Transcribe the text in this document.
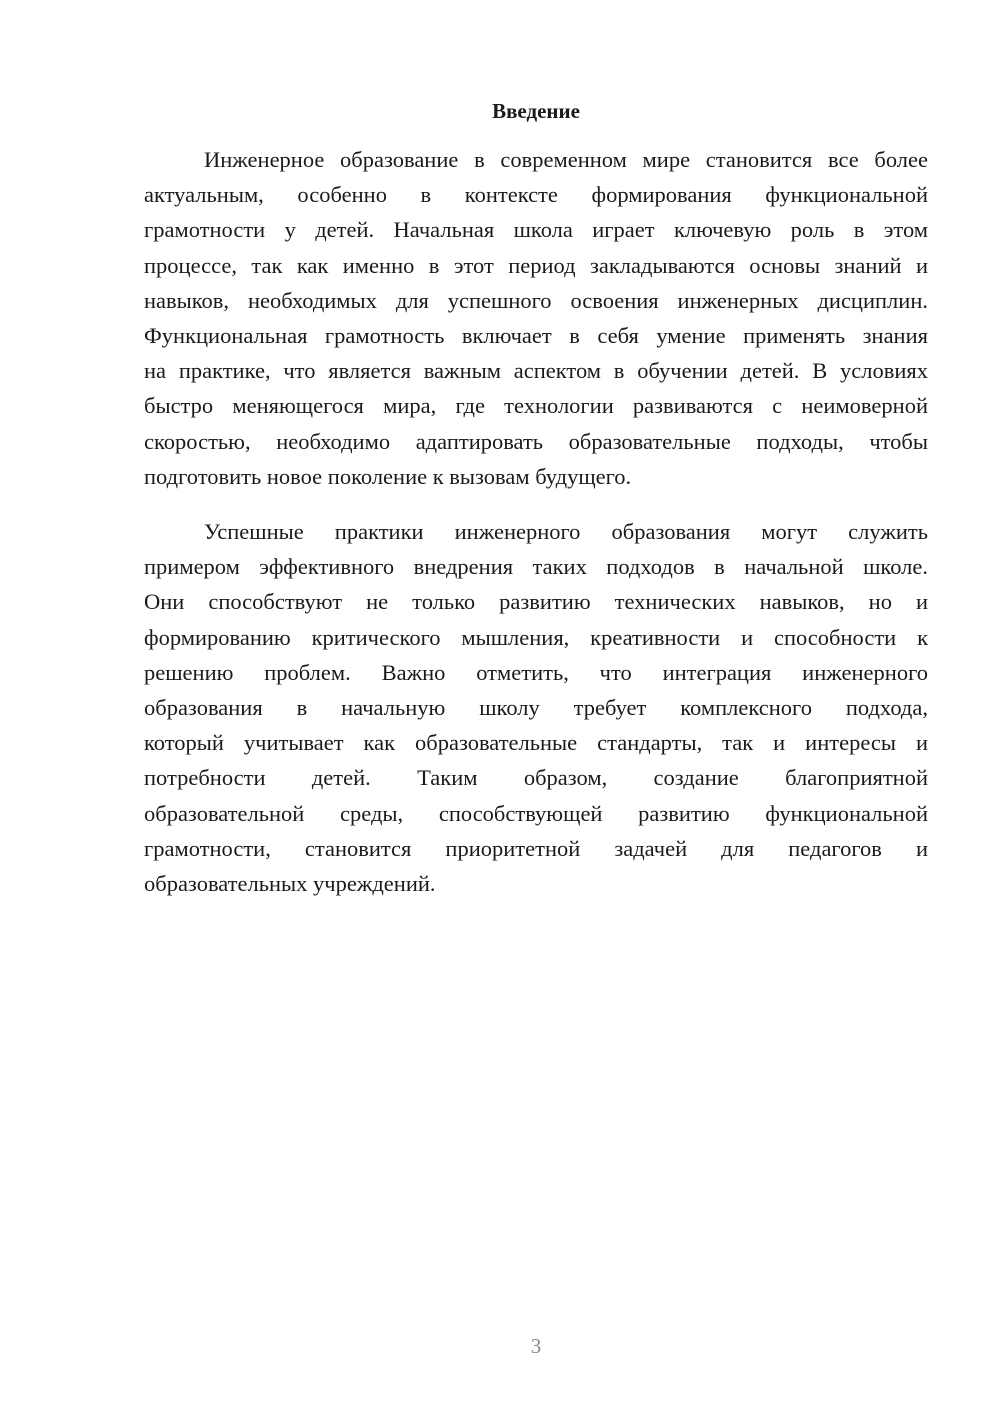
Введение
Инженерное образование в современном мире становится все более
актуальным, особенно в контексте формирования функциональной
грамотности у детей. Начальная школа играет ключевую роль в этом
процессе, так как именно в этот период закладываются основы знаний и
навыков, необходимых для успешного освоения инженерных дисциплин.
Функциональная грамотность включает в себя умение применять знания
на практике, что является важным аспектом в обучении детей. В условиях
быстро меняющегося мира, где технологии развиваются с неимоверной
скоростью, необходимо адаптировать образовательные подходы, чтобы
подготовить новое поколение к вызовам будущего.
Успешные практики инженерного образования могут служить
примером эффективного внедрения таких подходов в начальной школе.
Они способствуют не только развитию технических навыков, но и
формированию критического мышления, креативности и способности к
решению проблем. Важно отметить, что интеграция инженерного
образования в начальную школу требует комплексного подхода,
который учитывает как образовательные стандарты, так и интересы и
потребности детей. Таким образом, создание благоприятной
образовательной среды, способствующей развитию функциональной
грамотности, становится приоритетной задачей для педагогов и
образовательных учреждений.
3
